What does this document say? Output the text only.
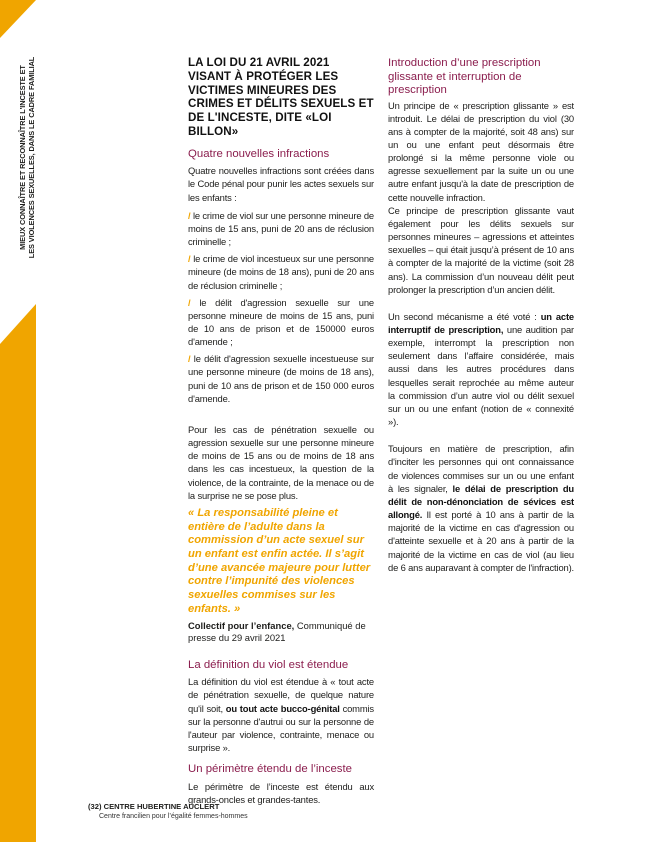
MIEUX CONNAÎTRE ET RECONNAÎTRE L'INCESTE ET
LES VIOLENCES SEXUELLES, DANS LE CADRE FAMILIAL	LA LOI DU 21 AVRIL 2021 VISANT À PROTÉGER LES VICTIMES MINEURES DES CRIMES ET DÉLITS SEXUELS ET DE L'INCESTE, DITE «LOI BILLON»
Quatre nouvelles infractions
Quatre nouvelles infractions sont créées dans le Code pénal pour punir les actes sexuels sur les enfants :
/ le crime de viol sur une personne mineure de moins de 15 ans, puni de 20 ans de réclusion criminelle ;
/ le crime de viol incestueux sur une personne mineure (de moins de 18 ans), puni de 20 ans de réclusion criminelle ;
/ le délit d'agression sexuelle sur une personne mineure de moins de 15 ans, puni de 10 ans de prison et de 150000 euros d'amende ;
/ le délit d'agression sexuelle incestueuse sur une personne mineure (de moins de 18 ans), puni de 10 ans de prison et de 150 000 euros d'amende.
Pour les cas de pénétration sexuelle ou agression sexuelle sur une personne mineure de moins de 15 ans ou de moins de 18 ans dans les cas incestueux, la question de la violence, de la contrainte, de la menace ou de la surprise ne se pose plus.
« La responsabilité pleine et entière de l’adulte dans la commission d’un acte sexuel sur un enfant est enfin actée. Il s’agit d’une avancée majeure pour lutter contre l’impunité des violences sexuelles commises sur les enfants. »
Collectif pour l’enfance, Communiqué de presse du 29 avril 2021
La définition du viol est étendue
La définition du viol est étendue à « tout acte de pénétration sexuelle, de quelque nature qu'il soit, ou tout acte bucco-génital commis sur la personne d'autrui ou sur la personne de l'auteur par violence, contrainte, menace ou surprise ».
Un périmètre étendu de l’inceste
Le périmètre de l’inceste est étendu aux grands-oncles et grandes-tantes.
Introduction d’une prescription glissante et interruption de prescription
Un principe de « prescription glissante » est introduit. Le délai de prescription du viol (30 ans à compter de la majorité, soit 48 ans) sur un ou une enfant peut désormais être prolongé si la même personne viole ou agresse sexuellement par la suite un ou une autre enfant jusqu'à la date de prescription de cette nouvelle infraction.
Ce principe de prescription glissante vaut également pour les délits sexuels sur personnes mineures – agressions et atteintes sexuelles – qui était jusqu’à présent de 10 ans à compter de la majorité de la victime (soit 28 ans). La commission d’un nouveau délit peut prolonger la prescription d’un ancien délit.
Un second mécanisme a été voté : un acte interruptif de prescription, une audition par exemple, interrompt la prescription non seulement dans l’affaire considérée, mais aussi dans les autres procédures dans lesquelles serait reprochée au même auteur la commission d’un autre viol ou délit sexuel sur un ou une enfant (notion de « connexité »).
Toujours en matière de prescription, afin d'inciter les personnes qui ont connaissance de violences commises sur un ou une enfant à les signaler, le délai de prescription du délit de non-dénonciation de sévices est allongé. Il est porté à 10 ans à partir de la majorité de la victime en cas d'agression ou d'atteinte sexuelle et à 20 ans à partir de la majorité de la victime en cas de viol (au lieu de 6 ans auparavant à compter de l'infraction).
(32) CENTRE HUBERTINE AUCLERT
Centre francilien pour l’égalité femmes-hommes
